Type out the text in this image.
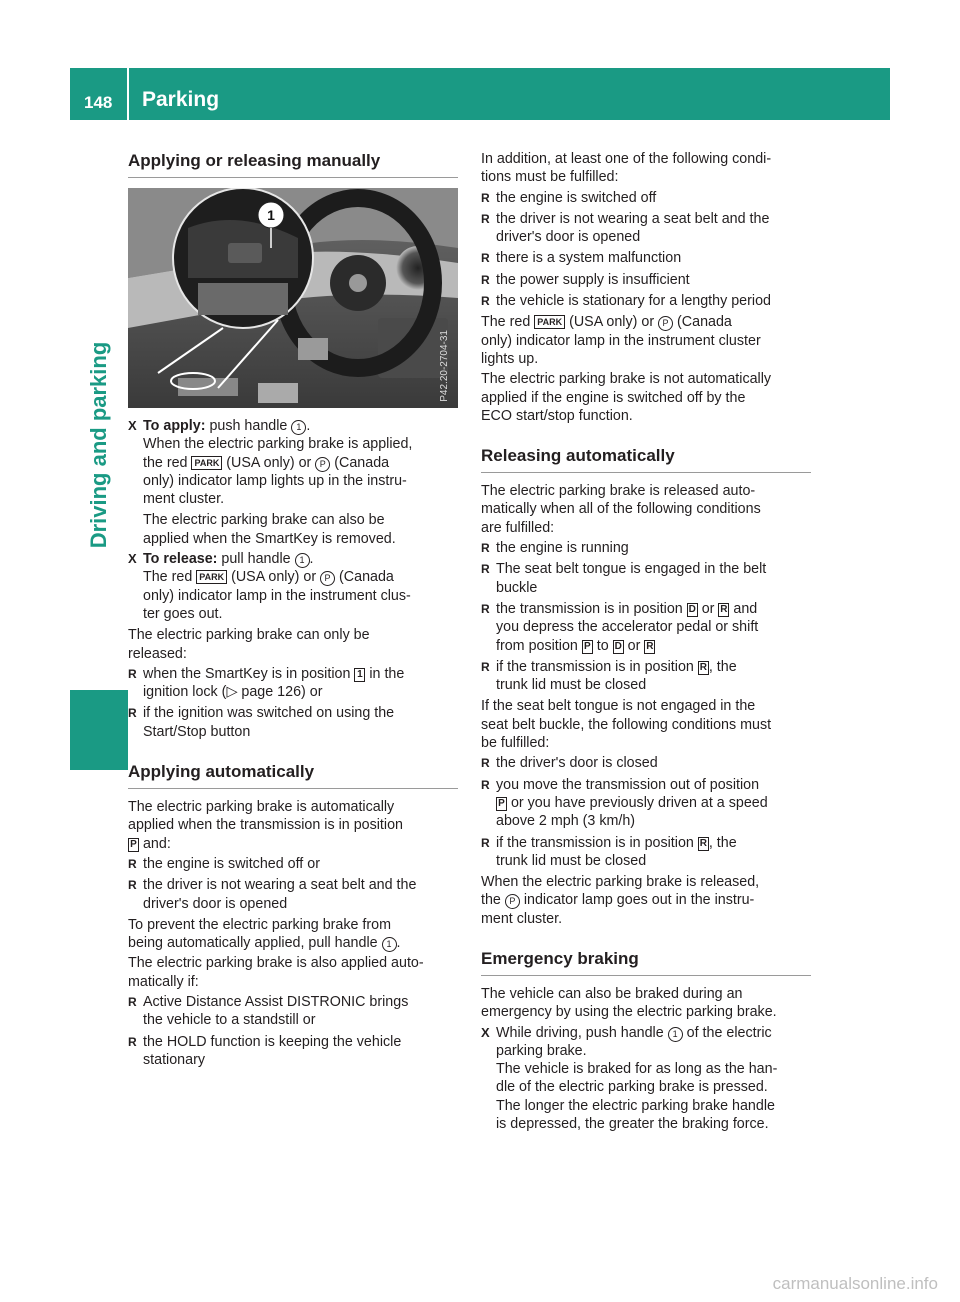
148 Parking
Driving and parking
Applying or releasing manually
1
P42.20-2704-31
X To apply: push handle 1 .
When the electric parking brake is applied,
the red PARK (USA only) or P (Canada
only) indicator lamp lights up in the instru-
ment cluster.

The electric parking brake can also be
applied when the SmartKey is removed.

X To release: pull handle 1 .
The red PARK (USA only) or P (Canada
only) indicator lamp in the instrument clus-
ter goes out.

The electric parking brake can only be
released:

R when the SmartKey is in position 1 in the
ignition lock (▷ page 126) or
R if the ignition was switched on using the
Start/Stop button
Applying automatically

The electric parking brake is automatically
applied when the transmission is in position
P and:

R the engine is switched off or
R the driver is not wearing a seat belt and the
driver's door is opened

To prevent the electric parking brake from
being automatically applied, pull handle 1 .

The electric parking brake is also applied auto-
matically if:

R Active Distance Assist DISTRONIC brings
the vehicle to a standstill or
R the HOLD function is keeping the vehicle
stationary

In addition, at least one of the following condi-
tions must be fulfilled:

R the engine is switched off
R the driver is not wearing a seat belt and the
driver's door is opened
R there is a system malfunction
R the power supply is insufficient
R the vehicle is stationary for a lengthy period

The red PARK (USA only) or P (Canada
only) indicator lamp in the instrument cluster
lights up.

The electric parking brake is not automatically
applied if the engine is switched off by the
ECO start/stop function.

Releasing automatically

The electric parking brake is released auto-
matically when all of the following conditions
are fulfilled:

R the engine is running
R The seat belt tongue is engaged in the belt
buckle
R the transmission is in position D or R and
you depress the accelerator pedal or shift
from position P to D or R
R if the transmission is in position R , the
trunk lid must be closed

If the seat belt tongue is not engaged in the
seat belt buckle, the following conditions must
be fulfilled:

R the driver's door is closed
R you move the transmission out of position
P or you have previously driven at a speed
above 2 mph (3 km/h)
R if the transmission is in position R , the
trunk lid must be closed

When the electric parking brake is released,
the P indicator lamp goes out in the instru-
ment cluster.

Emergency braking

The vehicle can also be braked during an
emergency by using the electric parking brake.

X While driving, push handle 1 of the electric
parking brake.
The vehicle is braked for as long as the han-
dle of the electric parking brake is pressed.
The longer the electric parking brake handle
is depressed, the greater the braking force.
carmanualsonline.info
